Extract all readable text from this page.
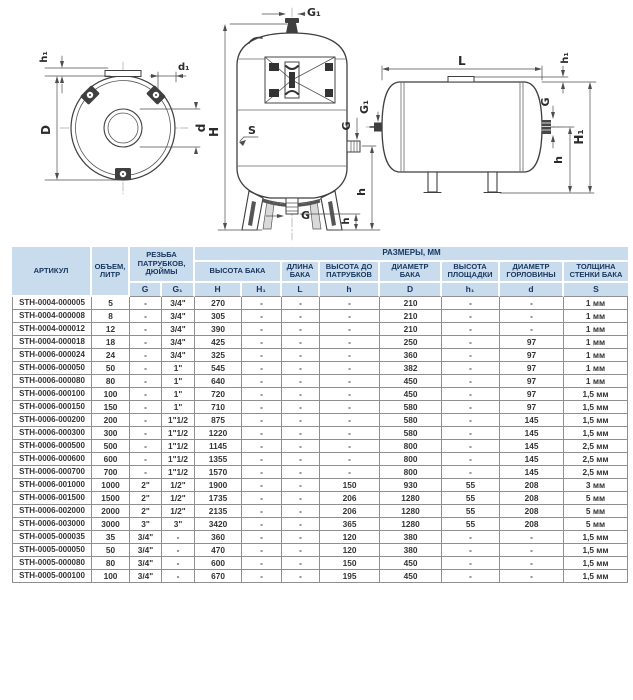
D
h₁
d₁
d
G₁
H S	G
h
h
G
L	h₁
H₁
h
G
G₁
АРТИКУЛ	ОБЪЕМ, ЛИТР	РЕЗЬБА ПАТРУБКОВ, ДЮЙМЫ		РАЗМЕРЫ, ММ							
				ВЫСОТА БАКА		ДЛИНА БАКА	ВЫСОТА ДО ПАТРУБКОВ	ДИАМЕТР БАКА	ВЫСОТА ПЛОЩАДКИ	ДИАМЕТР ГОРЛОВИНЫ	ТОЛЩИНА СТЕНКИ БАКА
		G	G₁	H	H₁	L	h	D	h₁	d	S
STH-0004-000005	5	-	3/4"	270	-	-	-	210	-	-	1 мм
STH-0004-000008	8	-	3/4"	305	-	-	-	210	-	-	1 мм
STH-0004-000012	12	-	3/4"	390	-	-	-	210	-	-	1 мм
STH-0004-000018	18	-	3/4"	425	-	-	-	250	-	97	1 мм
STH-0006-000024	24	-	3/4"	325	-	-	-	360	-	97	1 мм
STH-0006-000050	50	-	1"	545	-	-	-	382	-	97	1 мм
STH-0006-000080	80	-	1"	640	-	-	-	450	-	97	1 мм
STH-0006-000100	100	-	1"	720	-	-	-	450	-	97	1,5 мм
STH-0006-000150	150	-	1"	710	-	-	-	580	-	97	1,5 мм
STH-0006-000200	200	-	1"1/2	875	-	-	-	580	-	145	1,5 мм
STH-0006-000300	300	-	1"1/2	1220	-	-	-	580	-	145	1,5 мм
STH-0006-000500	500	-	1"1/2	1145	-	-	-	800	-	145	2,5 мм
STH-0006-000600	600	-	1"1/2	1355	-	-	-	800	-	145	2,5 мм
STH-0006-000700	700	-	1"1/2	1570	-	-	-	800	-	145	2,5 мм
STH-0006-001000	1000	2"	1/2"	1900	-	-	150	930	55	208	3 мм
STH-0006-001500	1500	2"	1/2"	1735	-	-	206	1280	55	208	5 мм
STH-0006-002000	2000	2"	1/2"	2135	-	-	206	1280	55	208	5 мм
STH-0006-003000	3000	3"	3"	3420	-	-	365	1280	55	208	5 мм
STH-0005-000035	35	3/4"	-	360	-	-	120	380	-	-	1,5 мм
STH-0005-000050	50	3/4"	-	470	-	-	120	380	-	-	1,5 мм
STH-0005-000080	80	3/4"	-	600	-	-	150	450	-	-	1,5 мм
STH-0005-000100	100	3/4"	-	670	-	-	195	450	-	-	1,5 мм
